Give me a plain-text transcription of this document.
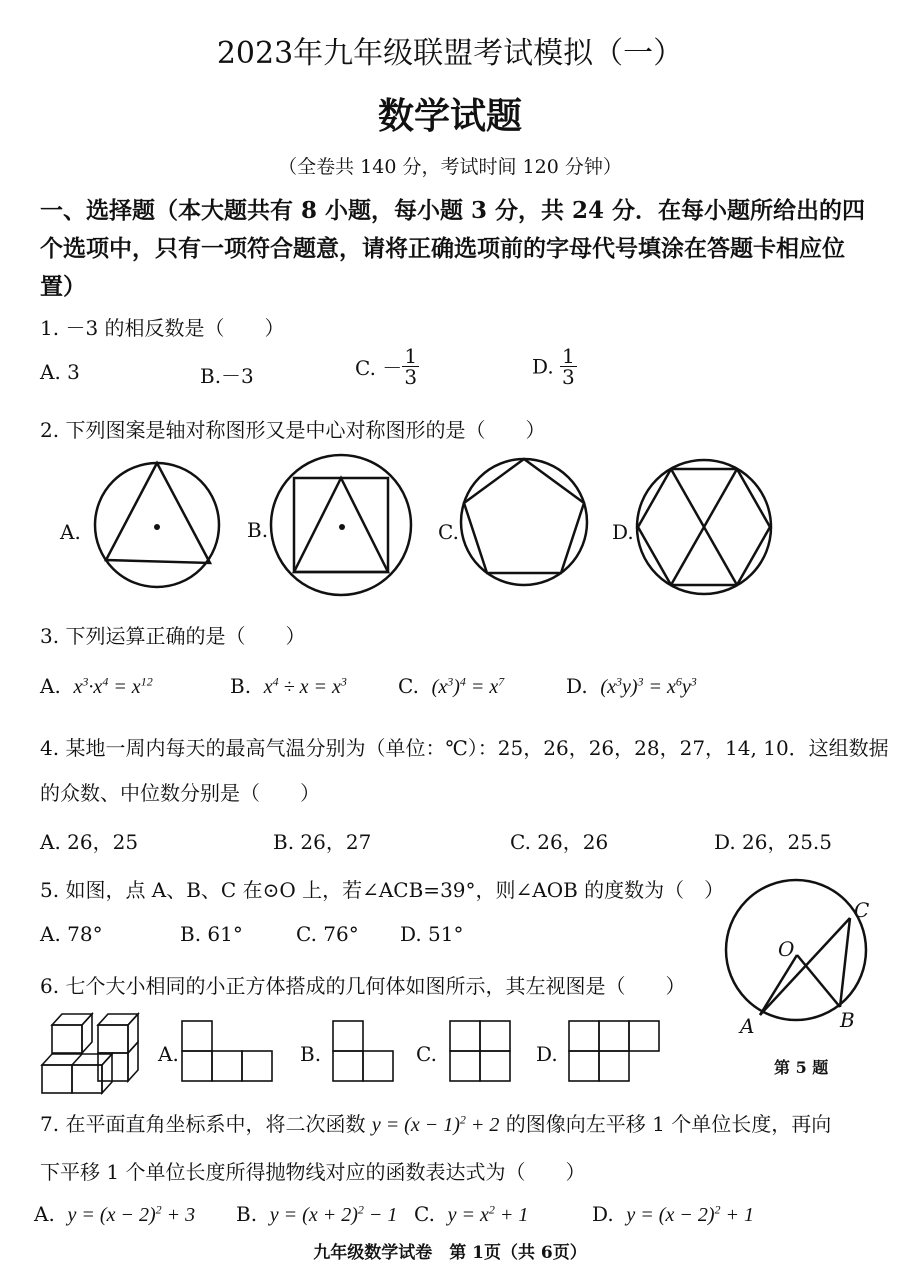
2023年九年级联盟考试模拟（一）
数学试题
（全卷共 140 分，考试时间 120 分钟）
一、选择题（本大题共有 8 小题，每小题 3 分，共 24 分．在每小题所给出的四个选项中，只有一项符合题意，请将正确选项前的字母代号填涂在答题卡相应位置）
1. －3 的相反数是（　　）
A. 3	B.－3	C. － $\frac{1}{3}$	D. $\frac{1}{3}$
2. 下列图案是轴对称图形又是中心对称图形的是（　　）
A.	B.	C.	D.
3. 下列运算正确的是（　　）
A. $x^3\cdot x^4 = x^{12}$	B. $x^4 \div x = x^3$	C. $(x^3)^4 = x^7$	D. $(x^3y)^3 = x^6y^3$
4. 某地一周内每天的最高气温分别为（单位：℃）：25，26，26，28，27，14, 10．这组数据
的众数、中位数分别是（　　）
A. 26，25	B. 26，27	C. 26，26	D. 26，25.5
5. 如图，点 A、B、C 在⊙O 上，若∠ACB=39°，则∠AOB 的度数为（　）
A. 78°	B. 61°	C. 76° D. 51°
C
O
A	B
第 5 题
6. 七个大小相同的小正方体搭成的几何体如图所示，其左视图是（　　）
A.	B.	C.	D.
7. 在平面直角坐标系中，将二次函数 $y = (x - 1)^2 + 2$ 的图像向左平移 1 个单位长度，再向
下平移 1 个单位长度所得抛物线对应的函数表达式为（　　）
A. $y = (x - 2)^2 + 3$ B. $y = (x + 2)^2 - 1$ C. $y = x^2 + 1$	D. $y = (x - 2)^2 + 1$
九年级数学试卷　第 1页（共 6页）
